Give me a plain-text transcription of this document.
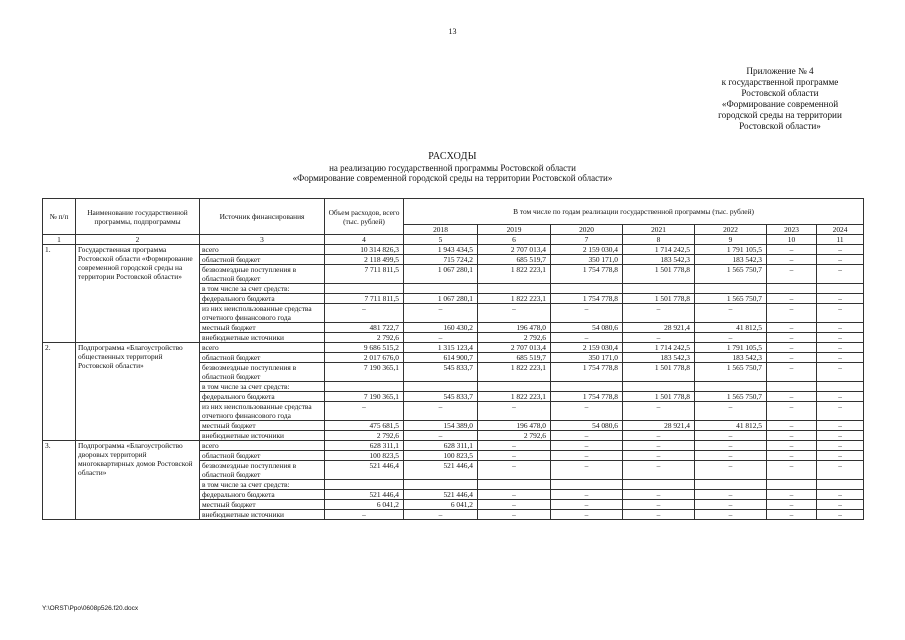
13
Приложение № 4
к государственной программе
Ростовской области
«Формирование современной
городской среды на территории
Ростовской области»
РАСХОДЫ
на реализацию государственной программы Ростовской области
«Формирование современной городской среды на территории Ростовской области»
№ п/п	Наименование государственной программы, подпрограммы	Источник финансирования	Объем расходов, всего (тыс. рублей)	В том числе по годам реализации государственной программы (тыс. рублей)						
				2018	2019	2020	2021	2022	2023	2024
1	2	3	4	5	6	7	8	9	10	11
1.	Государственная программа Ростовской области «Формирование современной городской среды на территории Ростовской области»	всего	10 314 826,3	1 943 434,5	2 707 013,4	2 159 030,4	1 714 242,5	1 791 105,5	–	–
		областной бюджет	2 118 499,5	715 724,2	685 519,7	350 171,0	183 542,3	183 542,3	–	–
		безвозмездные поступления в областной бюджет	7 711 811,5	1 067 280,1	1 822 223,1	1 754 778,8	1 501 778,8	1 565 750,7	–	–
		в том числе за счет средств:								
		федерального бюджета	7 711 811,5	1 067 280,1	1 822 223,1	1 754 778,8	1 501 778,8	1 565 750,7	–	–
		из них неиспользованные средства отчетного финансового года	–	–	–	–	–	–	–	–
		местный бюджет	481 722,7	160 430,2	196 478,0	54 080,6	28 921,4	41 812,5	–	–
		внебюджетные источники	2 792,6	–	2 792,6	–	–	–	–	–
2.	Подпрограмма «Благоустройство общественных территорий Ростовской области»	всего	9 686 515,2	1 315 123,4	2 707 013,4	2 159 030,4	1 714 242,5	1 791 105,5	–	–
		областной бюджет	2 017 676,0	614 900,7	685 519,7	350 171,0	183 542,3	183 542,3	–	–
		безвозмездные поступления в областной бюджет	7 190 365,1	545 833,7	1 822 223,1	1 754 778,8	1 501 778,8	1 565 750,7	–	–
		в том числе за счет средств:								
		федерального бюджета	7 190 365,1	545 833,7	1 822 223,1	1 754 778,8	1 501 778,8	1 565 750,7	–	–
		из них неиспользованные средства отчетного финансового года	–	–	–	–	–	–	–	–
		местный бюджет	475 681,5	154 389,0	196 478,0	54 080,6	28 921,4	41 812,5	–	–
		внебюджетные источники	2 792,6	–	2 792,6	–	–	–	–	–
3.	Подпрограмма «Благоустройство дворовых территорий многоквартирных домов Ростовской области»	всего	628 311,1	628 311,1	–	–	–	–	–	–
		областной бюджет	100 823,5	100 823,5	–	–	–	–	–	–
		безвозмездные поступления в областной бюджет	521 446,4	521 446,4	–	–	–	–	–	–
		в том числе за счет средств:								
		федерального бюджета	521 446,4	521 446,4	–	–	–	–	–	–
		местный бюджет	6 041,2	6 041,2	–	–	–	–	–	–
		внебюджетные источники	–	–	–	–	–	–	–	–
Y:\ORST\Ppo\0608p526.f20.docx
